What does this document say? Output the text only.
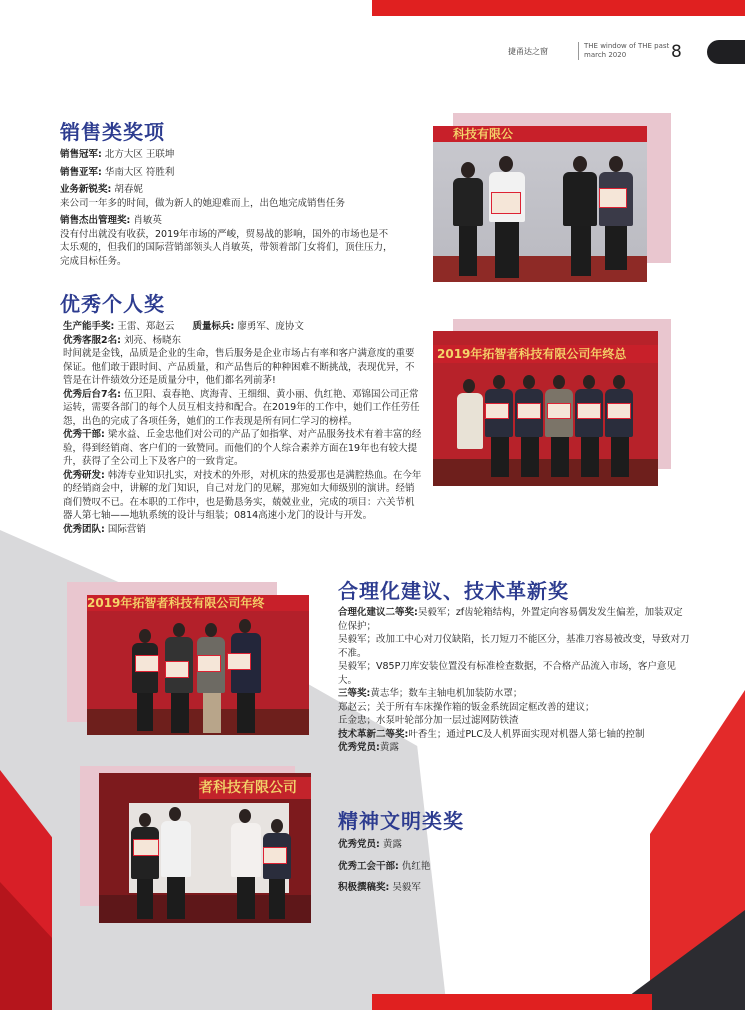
捷甬达之窗
THE window of THE past
march 2020	8
销售类奖项
销售冠军: 北方大区 王联坤
销售亚军: 华南大区 符胜利
业务新锐奖: 胡春妮
来公司一年多的时间，做为新人的她迎难而上，出色地完成销售任务
销售杰出管理奖: 肖敏英
没有付出就没有收获，2019年市场的严峻，贸易战的影响，国外的市场也是不太乐观的，但我们的国际营销部领头人肖敏英，带领着部门女将们，顶住压力，完成目标任务。
科技有限公
优秀个人奖
生产能手奖: 王雷、郑赵云 质量标兵: 廖勇军、庞协文
优秀客服2名: 刘亮、杨晓东
时间就是金钱，品质是企业的生命，售后服务是企业市场占有率和客户满意度的重要保证。他们敢于跟时间、产品质量，和产品售后的种种困难不断挑战，表现优异，不管是在计件绩效分还是质量分中，他们都名列前茅!
优秀后台7名: 伍卫阳、袁春艳、庹海青、王细细、黄小丽、仇红艳、邓锦国公司正常运转，需要各部门的每个人员互相支持和配合。在2019年的工作中，她们工作任劳任怨，出色的完成了各项任务，她们的工作表现是所有同仁学习的榜样。
优秀干部: 梁水益、丘金忠他们对公司的产品了如指掌、对产品服务技术有着丰富的经验，得到经销商、客户们的一致赞同。而他们的个人综合素养方面在19年也有较大提升，获得了全公司上下及客户的一致肯定。
优秀研发: 韩涛专业知识扎实，对技术的外形，对机床的热爱那也是满腔热血。在今年的经销商会中，讲解的龙门知识，自己对龙门的见解，那宛如大师级别的演讲。经销商们赞叹不已。在本职的工作中，也是勤恳务实，兢兢业业，完成的项目：六关节机器人第七轴——地轨系统的设计与组装；0814高速小龙门的设计与开发。
优秀团队: 国际营销
2019年拓智者科技有限公司年终总
2019年拓智者科技有限公司年终	合理化建议、技术革新奖
合理化建议二等奖:吴毅军；zf齿轮箱结构，外置定向容易偶发发生偏差，加装双定位保护；
吴毅军；改加工中心对刀仪缺陷，长刀短刀不能区分，基准刀容易被改变，导致对刀不准。
吴毅军；V85P刀库安装位置没有标准检查数据，不合格产品流入市场，客户意见大。
三等奖:黄志华；数车主轴电机加装防水罩；
郑赵云；关于所有车床操作箱的钣金系统固定框改善的建议；
丘金忠；水泵叶轮部分加一层过滤网防铁渣
技术革新二等奖:叶香生；通过PLC及人机界面实现对机器人第七轴的控制
优秀党员:黄露
者科技有限公司
精神文明类奖
优秀党员: 黄露
优秀工会干部: 仇红艳
积极撰稿奖: 吴毅军
